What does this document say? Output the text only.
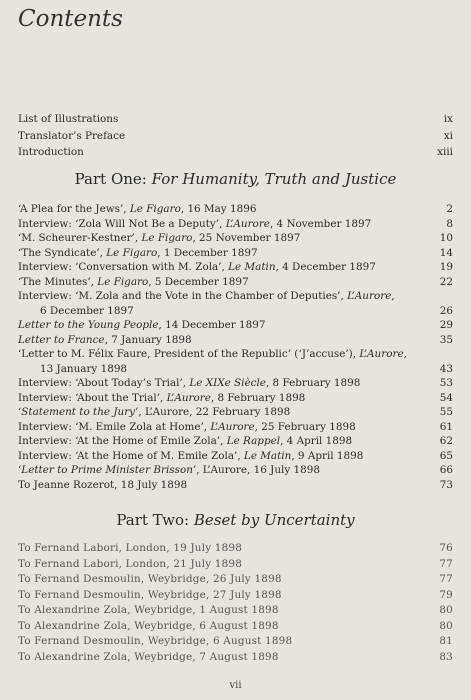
Contents
List of Illustrations	ix
Translator’s Preface	xi
Introduction	xiii
Part One: For Humanity, Truth and Justice
‘A Plea for the Jews’, Le Figaro, 16 May 1896	2
Interview: ‘Zola Will Not Be a Deputy’, L’Aurore, 4 November 1897	8
‘M. Scheurer-Kestner’, Le Figaro, 25 November 1897	10
‘The Syndicate’, Le Figaro, 1 December 1897	14
Interview: ‘Conversation with M. Zola’, Le Matin, 4 December 1897	19
‘The Minutes’, Le Figaro, 5 December 1897	22
Interview: ‘M. Zola and the Vote in the Chamber of Deputies’, L’Aurore,
6 December 1897	26
Letter to the Young People, 14 December 1897	29
Letter to France, 7 January 1898	35
‘Letter to M. Félix Faure, President of the Republic’ (‘J’accuse’), L’Aurore,
13 January 1898	43
Interview: ‘About Today’s Trial’, Le XIXe Siècle, 8 February 1898	53
Interview: ‘About the Trial’, L’Aurore, 8 February 1898	54
‘Statement to the Jury’, L’Aurore, 22 February 1898	55
Interview: ‘M. Emile Zola at Home’, L’Aurore, 25 February 1898	61
Interview: ‘At the Home of Emile Zola’, Le Rappel, 4 April 1898	62
Interview: ‘At the Home of M. Emile Zola’, Le Matin, 9 April 1898	65
‘Letter to Prime Minister Brisson’, L’Aurore, 16 July 1898	66
To Jeanne Rozerot, 18 July 1898	73
Part Two: Beset by Uncertainty
To Fernand Labori, London, 19 July 1898	76
To Fernand Labori, London, 21 July 1898	77
To Fernand Desmoulin, Weybridge, 26 July 1898	77
To Fernand Desmoulin, Weybridge, 27 July 1898	79
To Alexandrine Zola, Weybridge, 1 August 1898	80
To Alexandrine Zola, Weybridge, 6 August 1898	80
To Fernand Desmoulin, Weybridge, 6 August 1898	81
To Alexandrine Zola, Weybridge, 7 August 1898	83
vii
